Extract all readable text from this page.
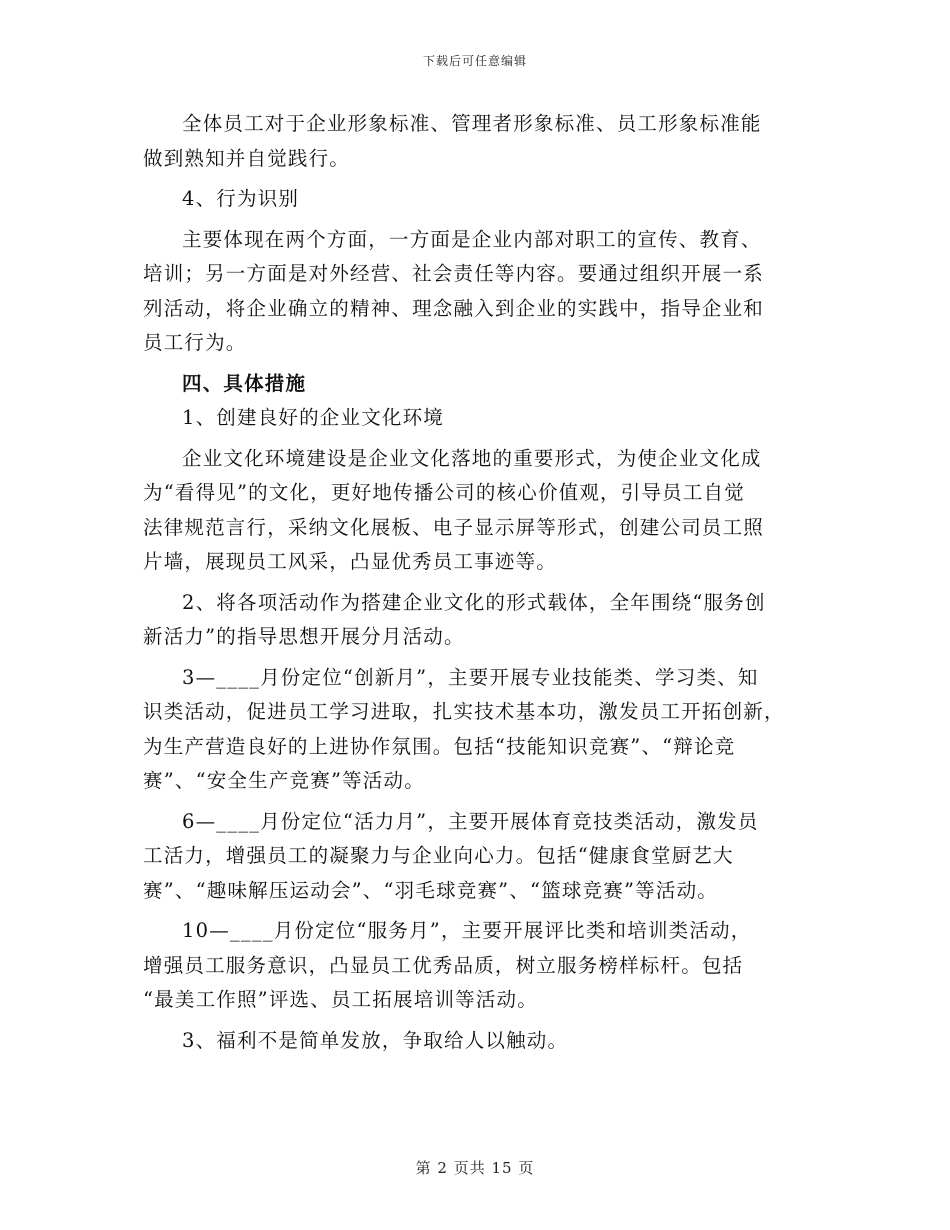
下载后可任意编辑

全体员工对于企业形象标准、管理者形象标准、员工形象标准能
做到熟知并自觉践行。

4、行为识别

主要体现在两个方面，一方面是企业内部对职工的宣传、教育、
培训；另一方面是对外经营、社会责任等内容。要通过组织开展一系
列活动，将企业确立的精神、理念融入到企业的实践中，指导企业和
员工行为。

四、具体措施

1、创建良好的企业文化环境

企业文化环境建设是企业文化落地的重要形式，为使企业文化成
为“看得见”的文化，更好地传播公司的核心价值观，引导员工自觉
法律规范言行，采纳文化展板、电子显示屏等形式，创建公司员工照
片墙，展现员工风采，凸显优秀员工事迹等。

2、将各项活动作为搭建企业文化的形式载体，全年围绕“服务创
新活力”的指导思想开展分月活动。

3—____月份定位“创新月”，主要开展专业技能类、学习类、知
识类活动，促进员工学习进取，扎实技术基本功，激发员工开拓创新，
为生产营造良好的上进协作氛围。包括“技能知识竞赛”、“辩论竞
赛”、“安全生产竞赛”等活动。

6—____月份定位“活力月”，主要开展体育竞技类活动，激发员
工活力，增强员工的凝聚力与企业向心力。包括“健康食堂厨艺大
赛”、“趣味解压运动会”、“羽毛球竞赛”、“篮球竞赛”等活动。

10—____月份定位“服务月”，主要开展评比类和培训类活动，
增强员工服务意识，凸显员工优秀品质，树立服务榜样标杆。包括
“最美工作照”评选、员工拓展培训等活动。

3、福利不是简单发放，争取给人以触动。

第 2 页共 15 页
